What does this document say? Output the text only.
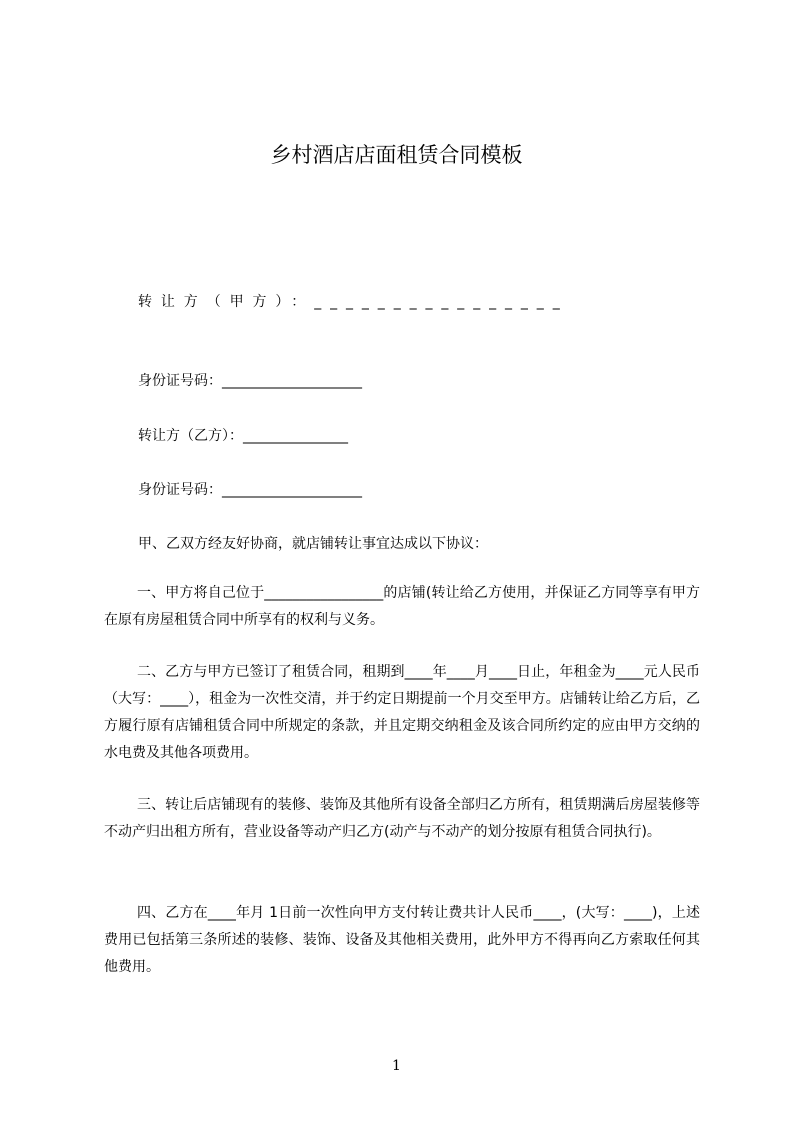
乡村酒店店面租赁合同模板
转让方（甲方）：________________
身份证号码：____________________
转让方（乙方）：_______________
身份证号码：____________________
甲、乙双方经友好协商，就店铺转让事宜达成以下协议：
一、甲方将自己位于_________________的店铺(转让给乙方使用，并保证乙方同等享有甲方在原有房屋租赁合同中所享有的权利与义务。
二、乙方与甲方已签订了租赁合同，租期到____年____月____日止，年租金为____元人民币（大写：____），租金为一次性交清，并于约定日期提前一个月交至甲方。店铺转让给乙方后，乙方履行原有店铺租赁合同中所规定的条款，并且定期交纳租金及该合同所约定的应由甲方交纳的水电费及其他各项费用。
三、转让后店铺现有的装修、装饰及其他所有设备全部归乙方所有，租赁期满后房屋装修等不动产归出租方所有，营业设备等动产归乙方(动产与不动产的划分按原有租赁合同执行)。
四、乙方在____年月 1日前一次性向甲方支付转让费共计人民币____，(大写：____)，上述费用已包括第三条所述的装修、装饰、设备及其他相关费用，此外甲方不得再向乙方索取任何其他费用。
1
